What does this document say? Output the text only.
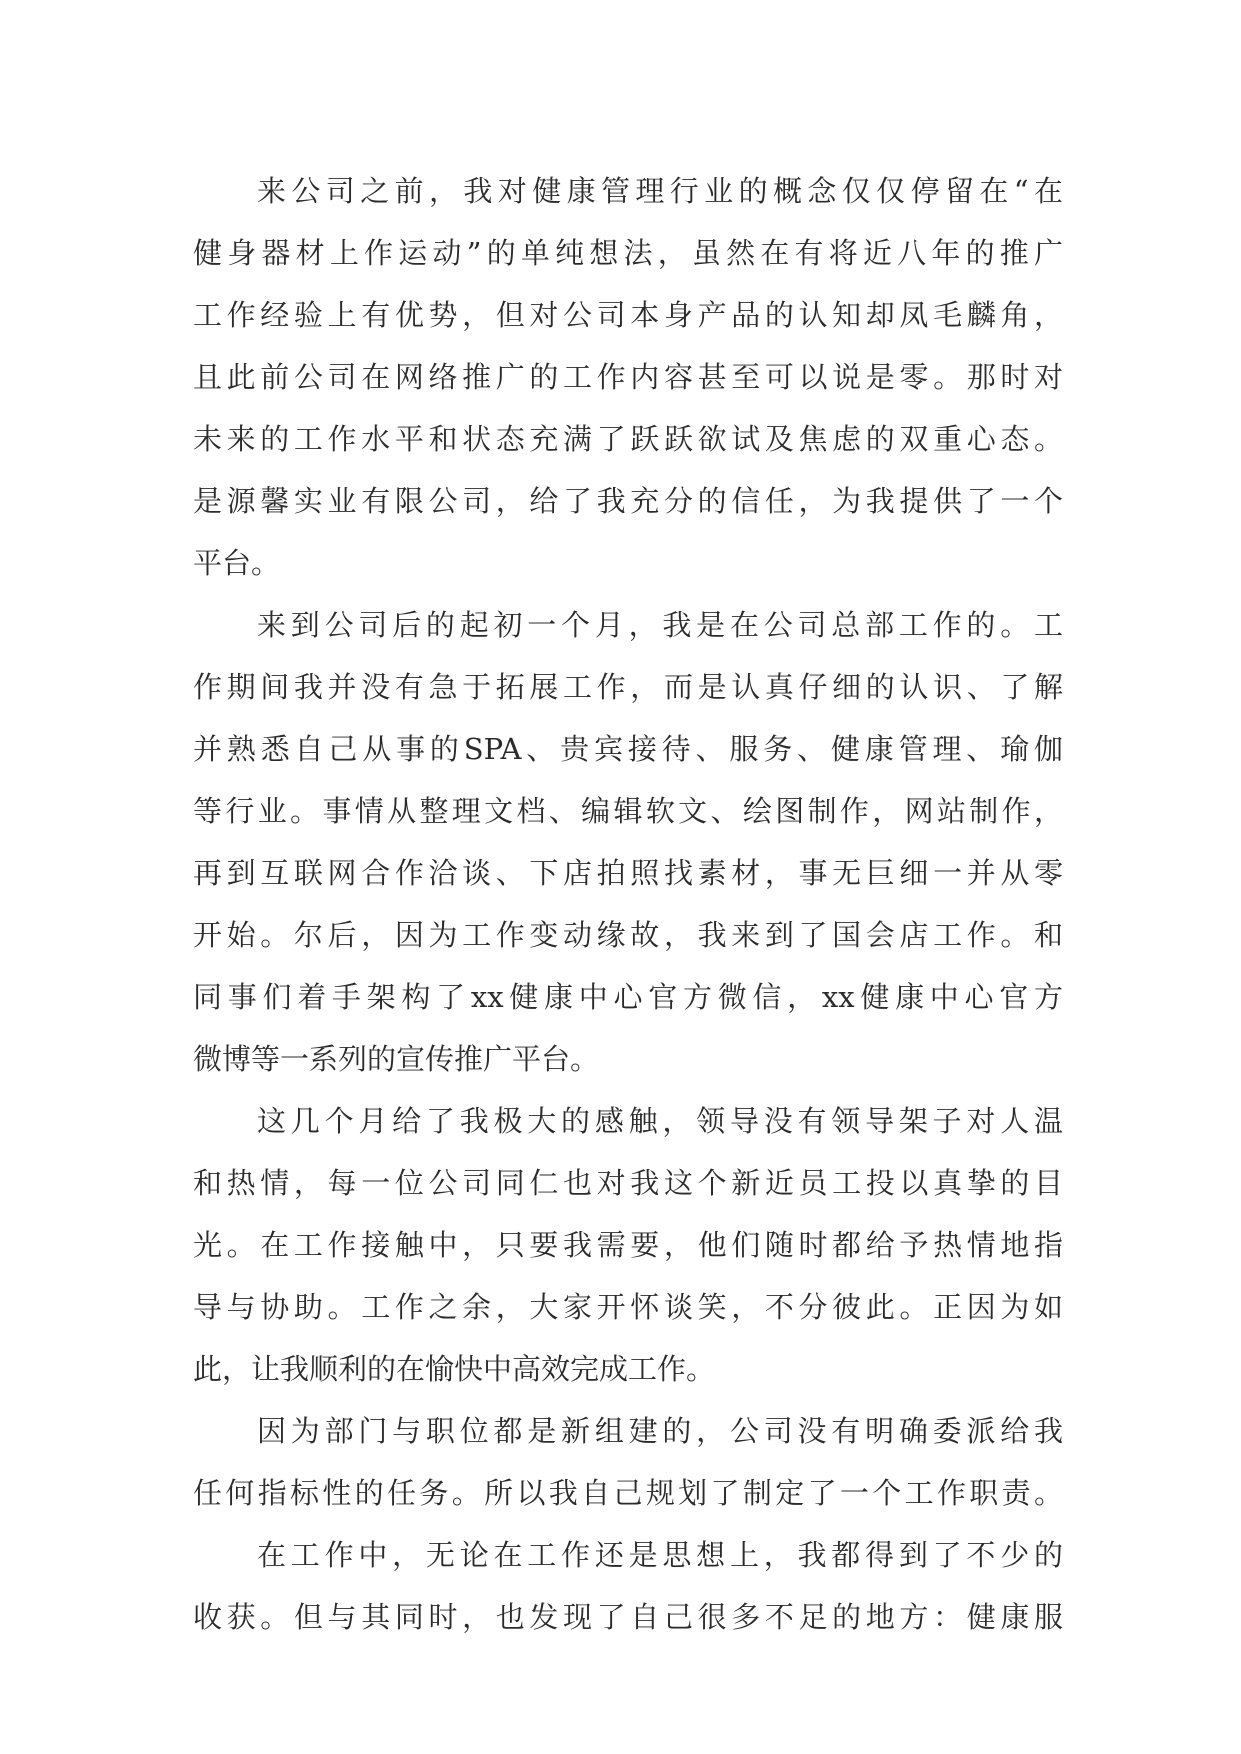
来公司之前，我对健康管理行业的概念仅仅停留在“在
健身器材上作运动”的单纯想法，虽然在有将近八年的推广
工作经验上有优势，但对公司本身产品的认知却凤毛麟角，
且此前公司在网络推广的工作内容甚至可以说是零。那时对
未来的工作水平和状态充满了跃跃欲试及焦虑的双重心态。
是源馨实业有限公司，给了我充分的信任，为我提供了一个
平台。

来到公司后的起初一个月，我是在公司总部工作的。工
作期间我并没有急于拓展工作，而是认真仔细的认识、了解
并熟悉自己从事的SPA、贵宾接待、服务、健康管理、瑜伽
等行业。事情从整理文档、编辑软文、绘图制作，网站制作，
再到互联网合作洽谈、下店拍照找素材，事无巨细一并从零
开始。尔后，因为工作变动缘故，我来到了国会店工作。和
同事们着手架构了xx健康中心官方微信，xx健康中心官方
微博等一系列的宣传推广平台。

这几个月给了我极大的感触，领导没有领导架子对人温
和热情，每一位公司同仁也对我这个新近员工投以真挚的目
光。在工作接触中，只要我需要，他们随时都给予热情地指
导与协助。工作之余，大家开怀谈笑，不分彼此。正因为如
此，让我顺利的在愉快中高效完成工作。

因为部门与职位都是新组建的，公司没有明确委派给我
任何指标性的任务。所以我自己规划了制定了一个工作职责。

在工作中，无论在工作还是思想上，我都得到了不少的
收获。但与其同时，也发现了自己很多不足的地方：健康服
